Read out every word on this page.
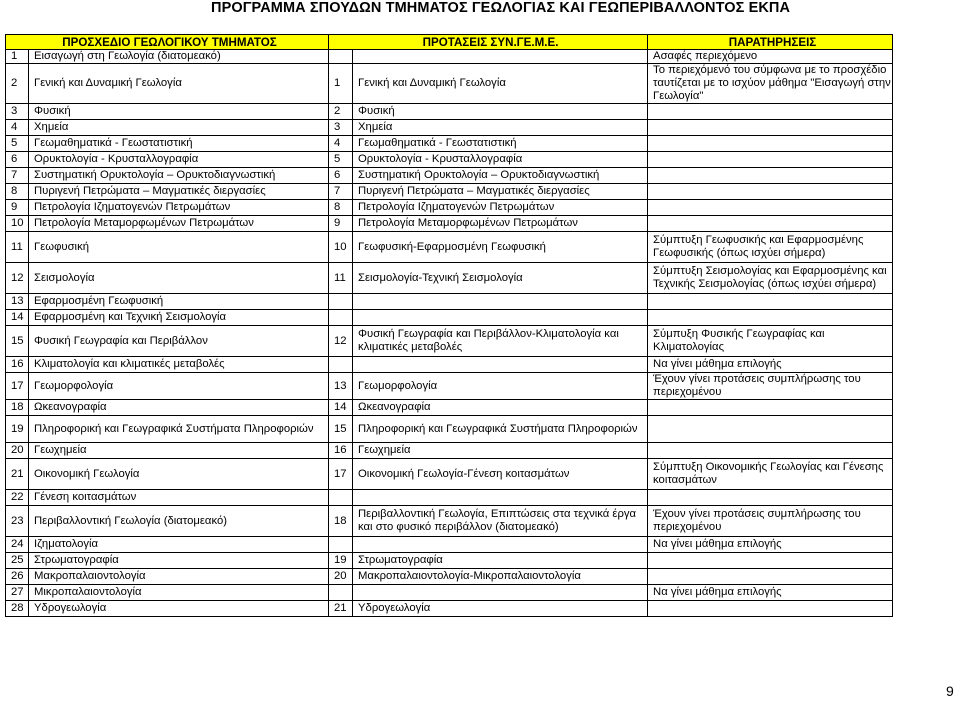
ΠΡΟΓΡΑΜΜΑ ΣΠΟΥΔΩΝ ΤΜΗΜΑΤΟΣ ΓΕΩΛΟΓΙΑΣ ΚΑΙ ΓΕΩΠΕΡΙΒΑΛΛΟΝΤΟΣ ΕΚΠΑ
ΠΡΟΣΧΕΔΙΟ ΓΕΩΛΟΓΙΚΟΥ ΤΜΗΜΑΤΟΣ		ΠΡΟΤΑΣΕΙΣ ΣΥΝ.ΓΕ.Μ.Ε.		ΠΑΡΑΤΗΡΗΣΕΙΣ
1	Εισαγωγή στη Γεωλογία (διατομεακό)			Ασαφές περιεχόμενο
2	Γενική και Δυναμική Γεωλογία	1	Γενική και Δυναμική Γεωλογία	Το περιεχόμενό του σύμφωνα με το προσχέδιο ταυτίζεται με το ισχύον μάθημα "Εισαγωγή στην Γεωλογία"
3	Φυσική	2	Φυσική	
4	Χημεία	3	Χημεία	
5	Γεωμαθηματικά - Γεωστατιστική	4	Γεωμαθηματικά - Γεωστατιστική	
6	Ορυκτολογία - Κρυσταλλογραφία	5	Ορυκτολογία - Κρυσταλλογραφία	
7	Συστηματική Ορυκτολογία – Ορυκτοδιαγνωστική	6	Συστηματική Ορυκτολογία – Ορυκτοδιαγνωστική	
8	Πυριγενή Πετρώματα – Μαγματικές διεργασίες	7	Πυριγενή Πετρώματα – Μαγματικές διεργασίες	
9	Πετρολογία Ιζηματογενών Πετρωμάτων	8	Πετρολογία Ιζηματογενών Πετρωμάτων	
10	Πετρολογία Μεταμορφωμένων Πετρωμάτων	9	Πετρολογία Μεταμορφωμένων Πετρωμάτων	
11	Γεωφυσική	10	Γεωφυσική-Εφαρμοσμένη Γεωφυσική	Σύμπτυξη Γεωφυσικής και Εφαρμοσμένης Γεωφυσικής (όπως ισχύει σήμερα)
12	Σεισμολογία	11	Σεισμολογία-Τεχνική Σεισμολογία	Σύμπτυξη Σεισμολογίας και Εφαρμοσμένης και Τεχνικής Σεισμολογίας (όπως ισχύει σήμερα)
13	Εφαρμοσμένη Γεωφυσική			
14	Εφαρμοσμένη και Τεχνική Σεισμολογία			
15	Φυσική Γεωγραφία και Περιβάλλον	12	Φυσική Γεωγραφία και Περιβάλλον-Κλιματολογία και κλιματικές μεταβολές	Σύμπυξη Φυσικής Γεωγραφίας και Κλιματολογίας
16	Κλιματολογία και κλιματικές μεταβολές			Να γίνει μάθημα επιλογής
17	Γεωμορφολογία	13	Γεωμορφολογία	Έχουν γίνει προτάσεις συμπλήρωσης του περιεχομένου
18	Ωκεανογραφία	14	Ωκεανογραφία	
19	Πληροφορική και Γεωγραφικά Συστήματα Πληροφοριών	15	Πληροφορική και Γεωγραφικά Συστήματα Πληροφοριών	
20	Γεωχημεία	16	Γεωχημεία	
21	Οικονομική Γεωλογία	17	Οικονομική Γεωλογία-Γένεση κοιτασμάτων	Σύμπτυξη Οικονομικής Γεωλογίας και Γένεσης κοιτασμάτων
22	Γένεση κοιτασμάτων			
23	Περιβαλλοντική Γεωλογία (διατομεακό)	18	Περιβαλλοντική Γεωλογία, Επιπτώσεις στα τεχνικά έργα και στο φυσικό περιβάλλον (διατομεακό)	Έχουν γίνει προτάσεις συμπλήρωσης του περιεχομένου
24	Ιζηματολογία			Να γίνει μάθημα επιλογής
25	Στρωματογραφία	19	Στρωματογραφία	
26	Μακροπαλαιοντολογία	20	Μακροπαλαιοντολογία-Μικροπαλαιοντολογία	
27	Μικροπαλαιοντολογία			Να γίνει μάθημα επιλογής
28	Υδρογεωλογία	21	Υδρογεωλογία	
9
